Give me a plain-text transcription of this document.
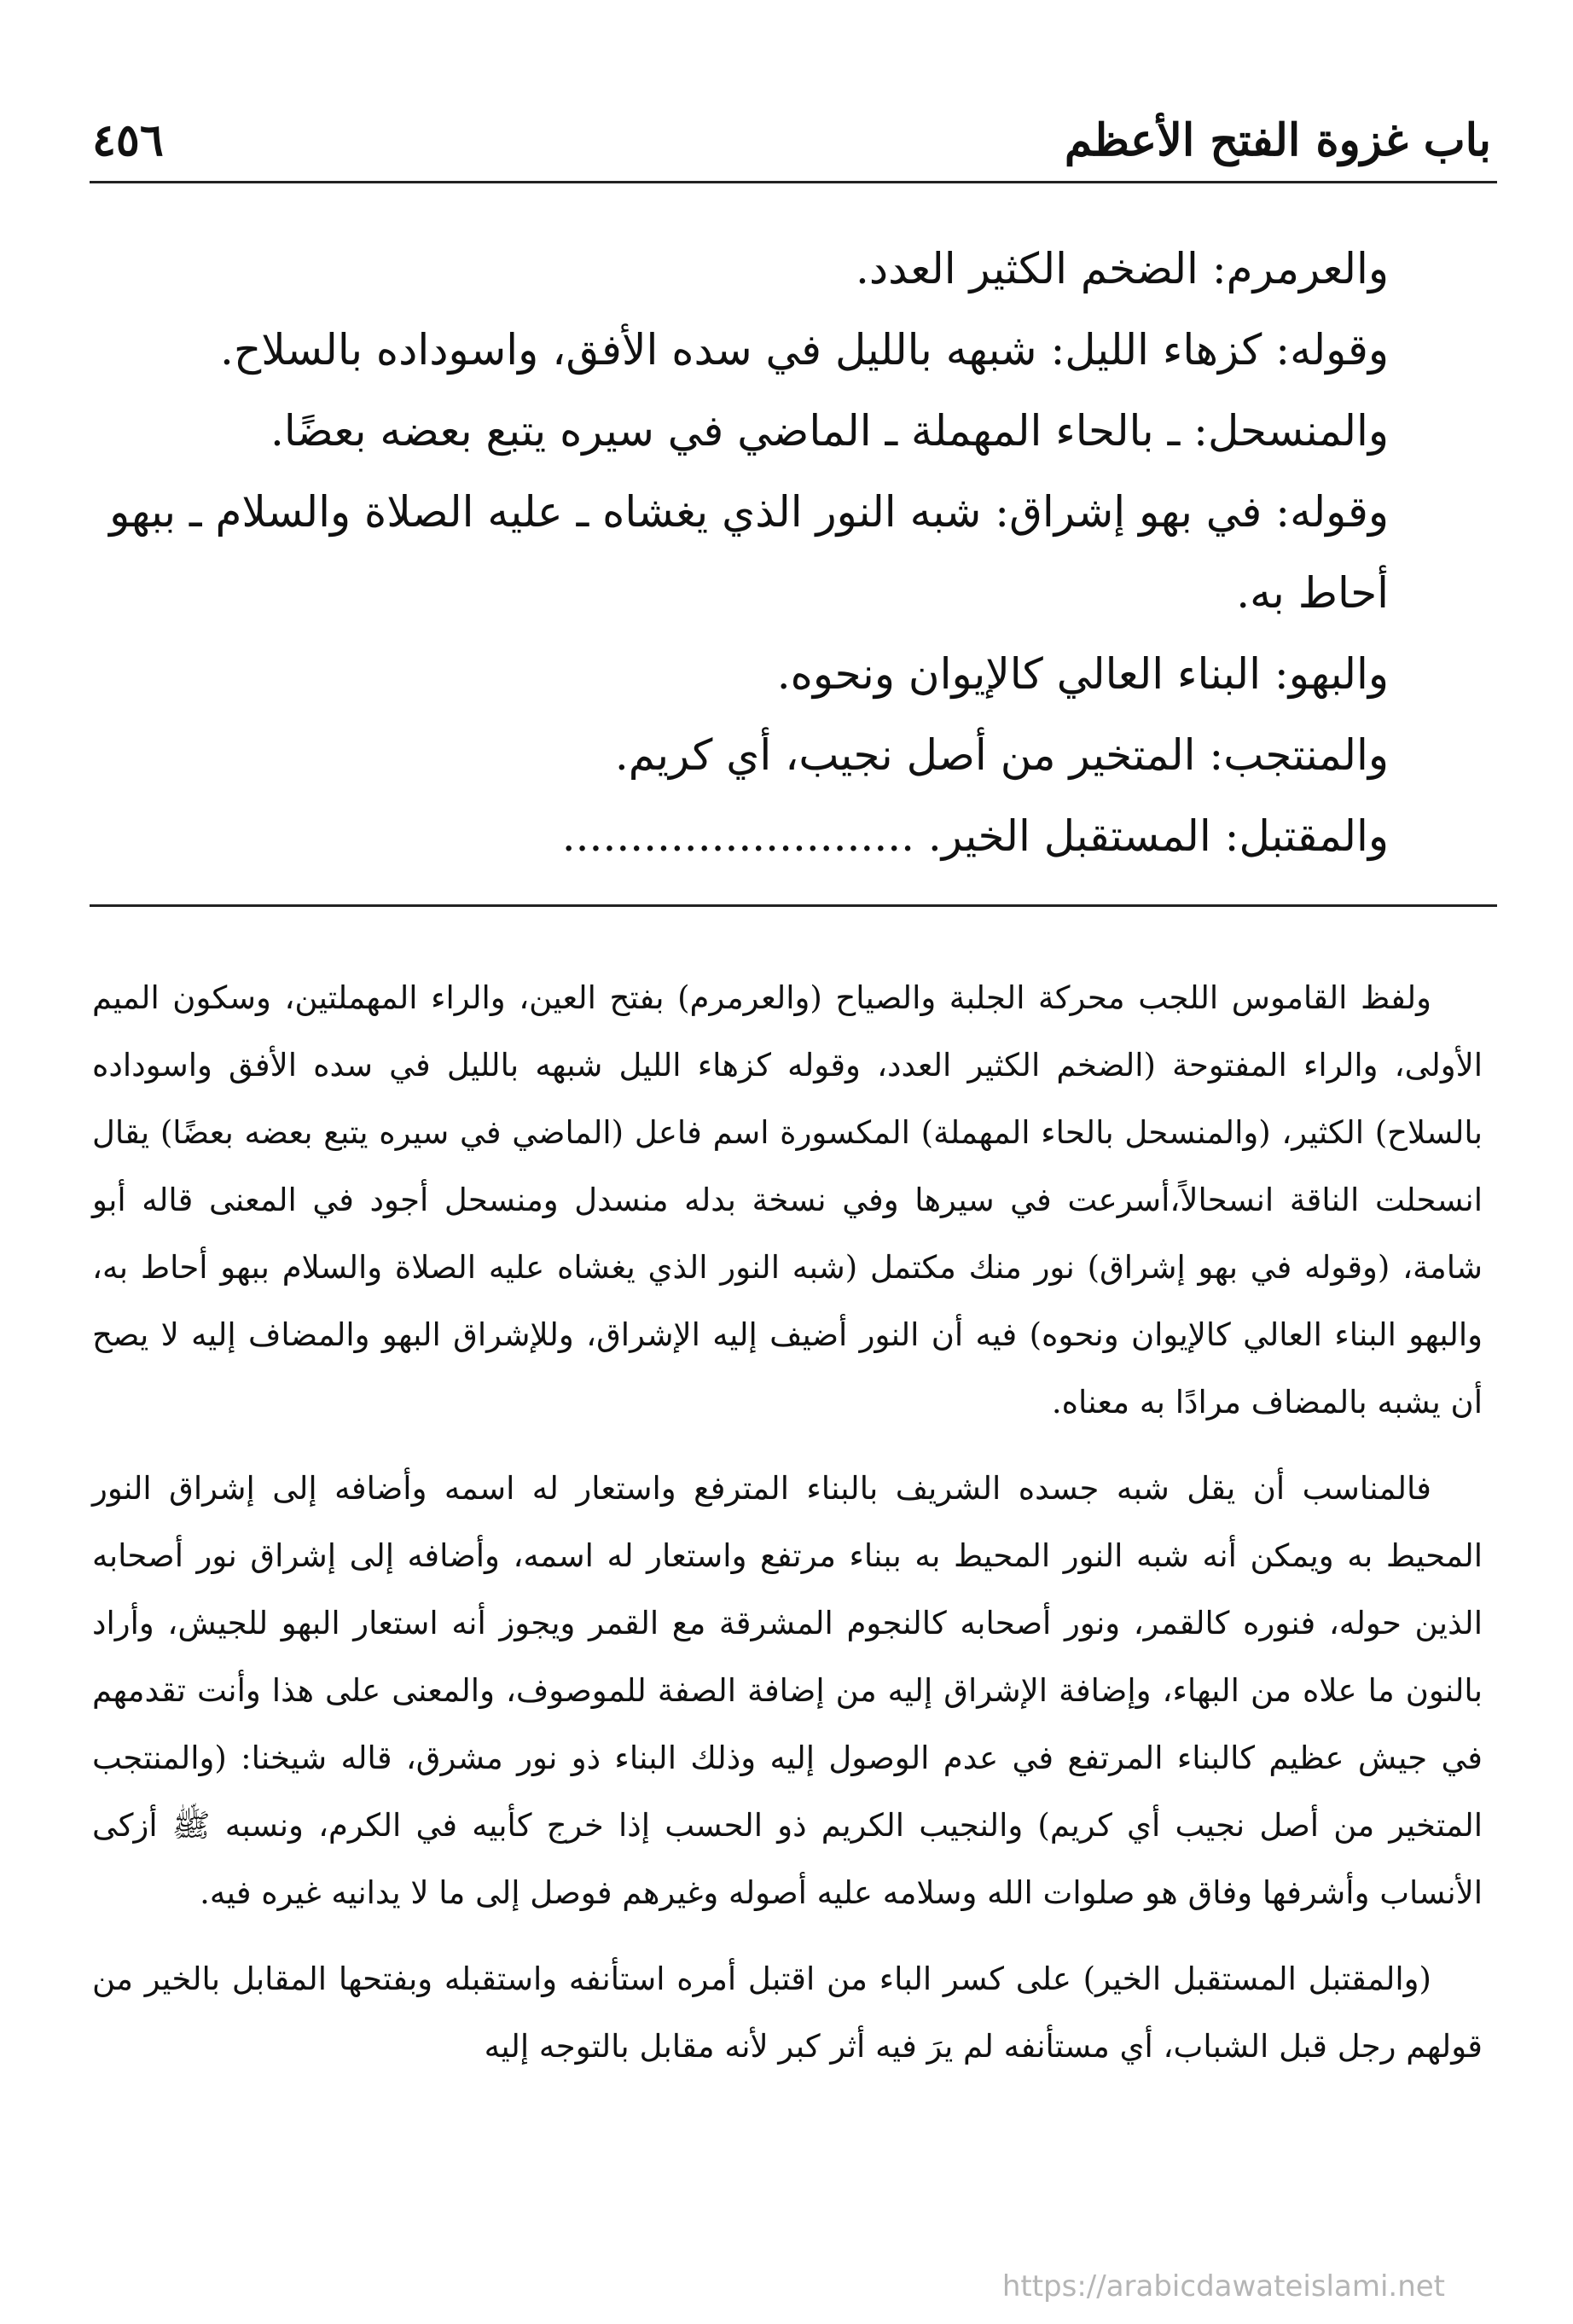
باب غزوة الفتح الأعظم
٤٥٦
والعرمرم: الضخم الكثير العدد.
وقوله: كزهاء الليل: شبهه بالليل في سده الأفق، واسوداده بالسلاح.
والمنسحل: ـ بالحاء المهملة ـ الماضي في سيره يتبع بعضه بعضًا.
وقوله: في بهو إشراق: شبه النور الذي يغشاه ـ عليه الصلاة والسلام ـ ببهو أحاط به.
والبهو: البناء العالي كالإيوان ونحوه.
والمنتجب: المتخير من أصل نجيب، أي كريم.
والمقتبل: المستقبل الخير. ..........................

ولفظ القاموس اللجب محركة الجلبة والصياح (والعرمرم) بفتح العين، والراء المهملتين، وسكون الميم الأولى، والراء المفتوحة (الضخم الكثير العدد، وقوله كزهاء الليل شبهه بالليل في سده الأفق واسوداده بالسلاح) الكثير، (والمنسحل بالحاء المهملة) المكسورة اسم فاعل (الماضي في سيره يتبع بعضه بعضًا) يقال انسحلت الناقة انسحالاً،أسرعت في سيرها وفي نسخة بدله منسدل ومنسحل أجود في المعنى قاله أبو شامة، (وقوله في بهو إشراق) نور منك مكتمل (شبه النور الذي يغشاه عليه الصلاة والسلام ببهو أحاط به، والبهو البناء العالي كالإيوان ونحوه) فيه أن النور أضيف إليه الإشراق، وللإشراق البهو والمضاف إليه لا يصح أن يشبه بالمضاف مرادًا به معناه.

فالمناسب أن يقل شبه جسده الشريف بالبناء المترفع واستعار له اسمه وأضافه إلى إشراق النور المحيط به ويمكن أنه شبه النور المحيط به ببناء مرتفع واستعار له اسمه، وأضافه إلى إشراق نور أصحابه الذين حوله، فنوره كالقمر، ونور أصحابه كالنجوم المشرقة مع القمر ويجوز أنه استعار البهو للجيش، وأراد بالنون ما علاه من البهاء، وإضافة الإشراق إليه من إضافة الصفة للموصوف، والمعنى على هذا وأنت تقدمهم في جيش عظيم كالبناء المرتفع في عدم الوصول إليه وذلك البناء ذو نور مشرق، قاله شيخنا: (والمنتجب المتخير من أصل نجيب أي كريم) والنجيب الكريم ذو الحسب إذا خرج كأبيه في الكرم، ونسبه ﷺ أزكى الأنساب وأشرفها وفاق هو صلوات الله وسلامه عليه أصوله وغيرهم فوصل إلى ما لا يدانيه غيره فيه.

(والمقتبل المستقبل الخير) على كسر الباء من اقتبل أمره استأنفه واستقبله وبفتحها المقابل بالخير من قولهم رجل قبل الشباب، أي مستأنفه لم يرَ فيه أثر كبر لأنه مقابل بالتوجه إليه

https://arabicdawateislami.net
